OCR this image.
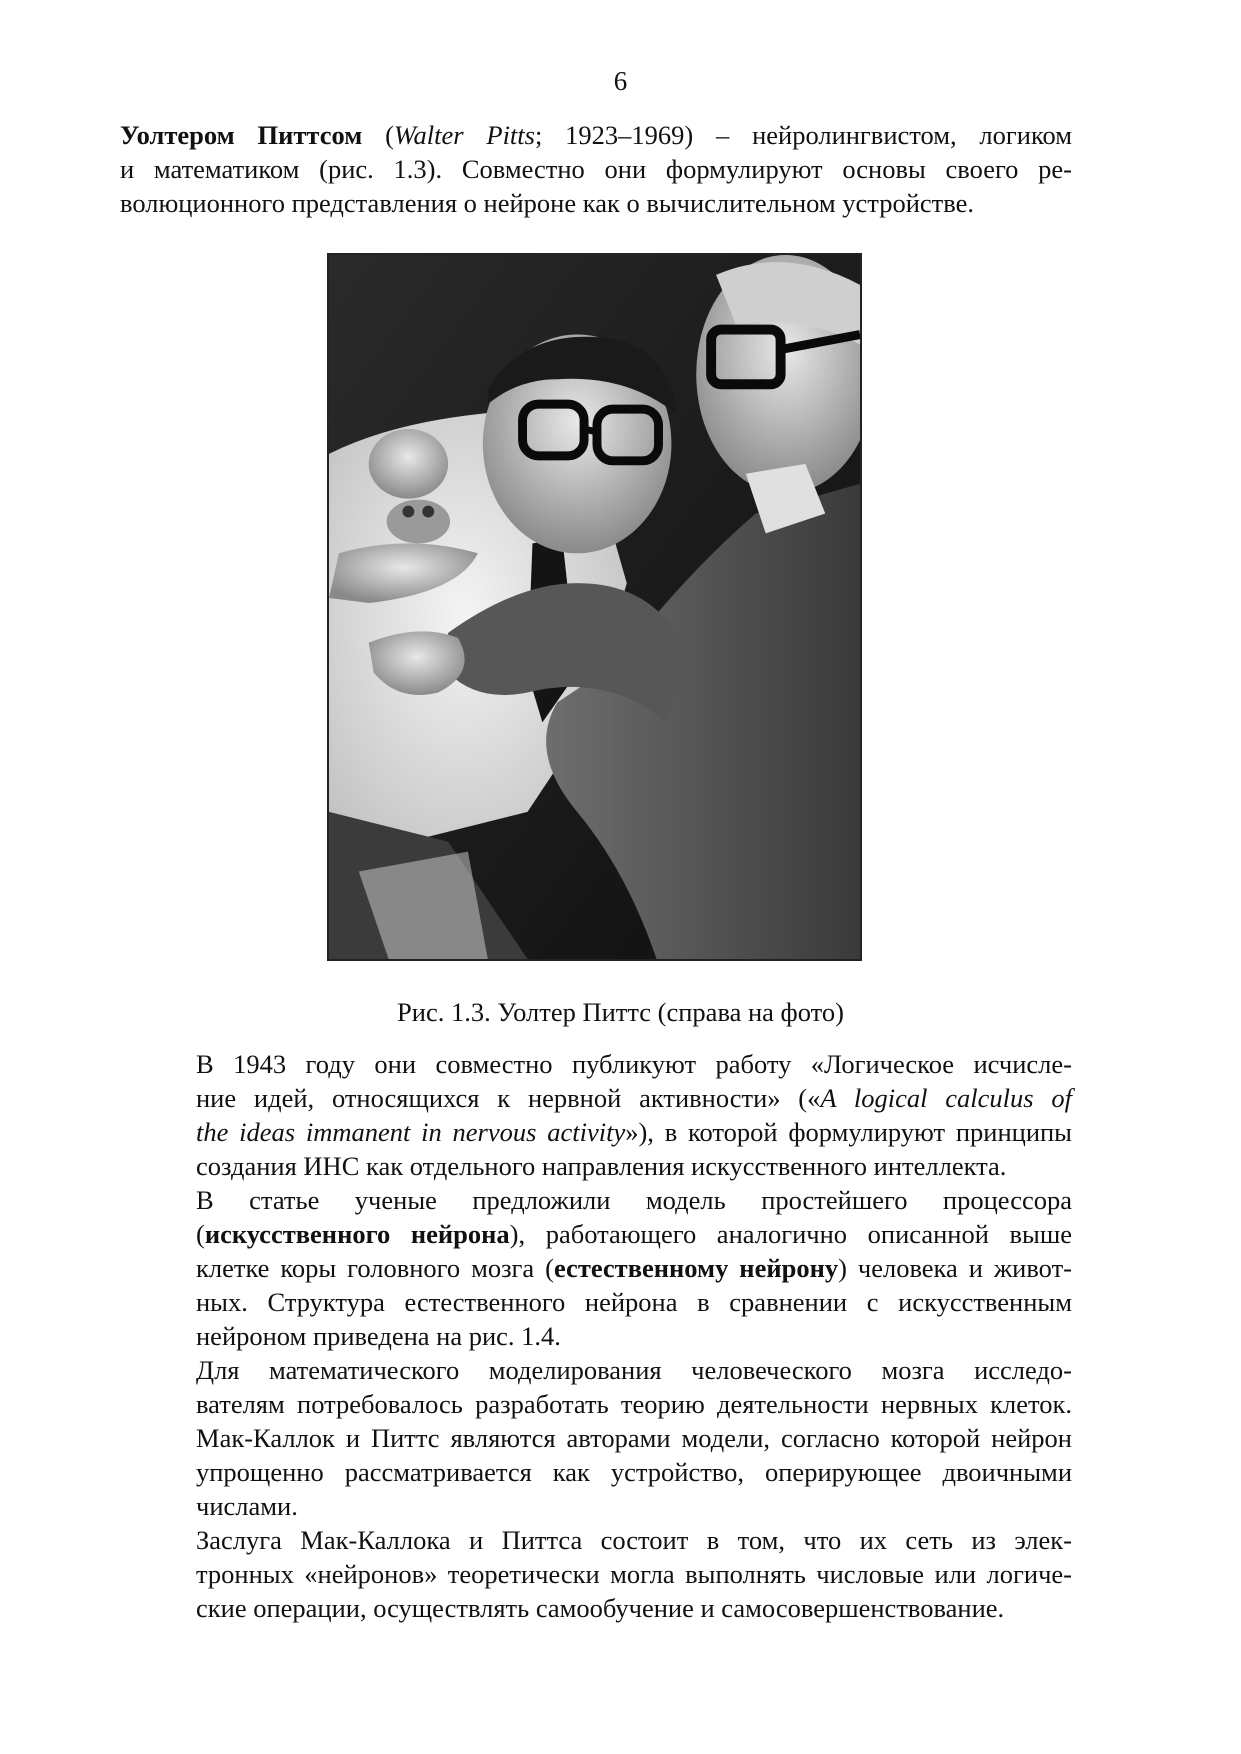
6

Уолтером Питтсом (Walter Pitts; 1923–1969) – нейролингвистом, логиком
и математиком (рис. 1.3). Совместно они формулируют основы своего ре-
волюционного представления о нейроне как о вычислительном устройстве.

Рис. 1.3. Уолтер Питтс (справа на фото)

В 1943 году они совместно публикуют работу «Логическое исчисле-
ние идей, относящихся к нервной активности» («A logical calculus of
the ideas immanent in nervous activity»), в которой формулируют принципы
создания ИНС как отдельного направления искусственного интеллекта.

В статье ученые предложили модель простейшего процессора
(искусственного нейрона), работающего аналогично описанной выше
клетке коры головного мозга (естественному нейрону) человека и живот-
ных. Структура естественного нейрона в сравнении с искусственным
нейроном приведена на рис. 1.4.

Для математического моделирования человеческого мозга исследо-
вателям потребовалось разработать теорию деятельности нервных клеток.
Мак-Каллок и Питтс являются авторами модели, согласно которой нейрон
упрощенно рассматривается как устройство, оперирующее двоичными
числами.

Заслуга Мак-Каллока и Питтса состоит в том, что их сеть из элек-
тронных «нейронов» теоретически могла выполнять числовые или логиче-
ские операции, осуществлять самообучение и самосовершенствование.
